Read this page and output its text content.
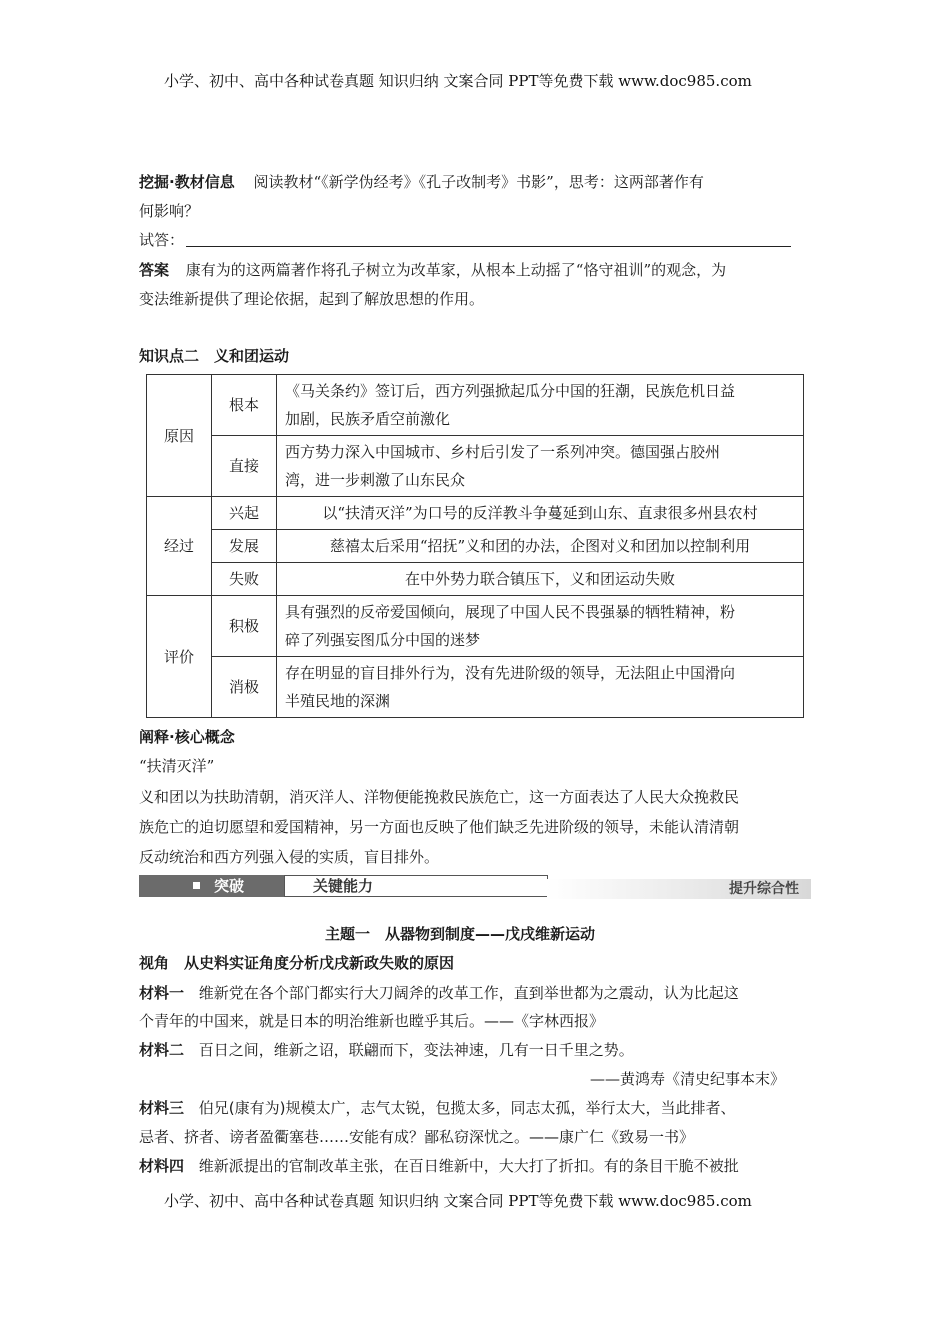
小学、初中、高中各种试卷真题 知识归纳 文案合同 PPT等免费下载 www.doc985.com
挖掘·教材信息 阅读教材“《新学伪经考》《孔子改制考》书影”，思考：这两部著作有
何影响？
试答：
答案 康有为的这两篇著作将孔子树立为改革家，从根本上动摇了“恪守祖训”的观念，为
变法维新提供了理论依据，起到了解放思想的作用。
知识点二　义和团运动
原因	根本	《马关条约》签订后，西方列强掀起瓜分中国的狂潮，民族危机日益
加剧，民族矛盾空前激化

	直接	西方势力深入中国城市、乡村后引发了一系列冲突。德国强占胶州
湾，进一步刺激了山东民众

经过	兴起	以“扶清灭洋”为口号的反洋教斗争蔓延到山东、直隶很多州县农村
	发展	慈禧太后采用“招抚”义和团的办法，企图对义和团加以控制利用
	失败	在中外势力联合镇压下，义和团运动失败
评价	积极	具有强烈的反帝爱国倾向，展现了中国人民不畏强暴的牺牲精神，粉
碎了列强妄图瓜分中国的迷梦

	消极	存在明显的盲目排外行为，没有先进阶级的领导，无法阻止中国滑向
半殖民地的深渊
阐释·核心概念
“扶清灭洋”
义和团以为扶助清朝，消灭洋人、洋物便能挽救民族危亡，这一方面表达了人民大众挽救民
族危亡的迫切愿望和爱国精神，另一方面也反映了他们缺乏先进阶级的领导，未能认清清朝
反动统治和西方列强入侵的实质，盲目排外。
突破	关键能力	提升综合性
主题一　从器物到制度——戊戌维新运动
视角　从史料实证角度分析戊戌新政失败的原因
材料一 维新党在各个部门都实行大刀阔斧的改革工作，直到举世都为之震动，认为比起这
个青年的中国来，就是日本的明治维新也瞠乎其后。——《字林西报》
材料二 百日之间，维新之诏，联翩而下，变法神速，几有一日千里之势。
——黄鸿寿《清史纪事本末》
材料三 伯兄(康有为)规模太广，志气太锐，包揽太多，同志太孤，举行太大，当此排者、
忌者、挤者、谤者盈衢塞巷……安能有成？鄙私窃深忧之。——康广仁《致易一书》
材料四 维新派提出的官制改革主张，在百日维新中，大大打了折扣。有的条目干脆不被批
小学、初中、高中各种试卷真题 知识归纳 文案合同 PPT等免费下载 www.doc985.com
